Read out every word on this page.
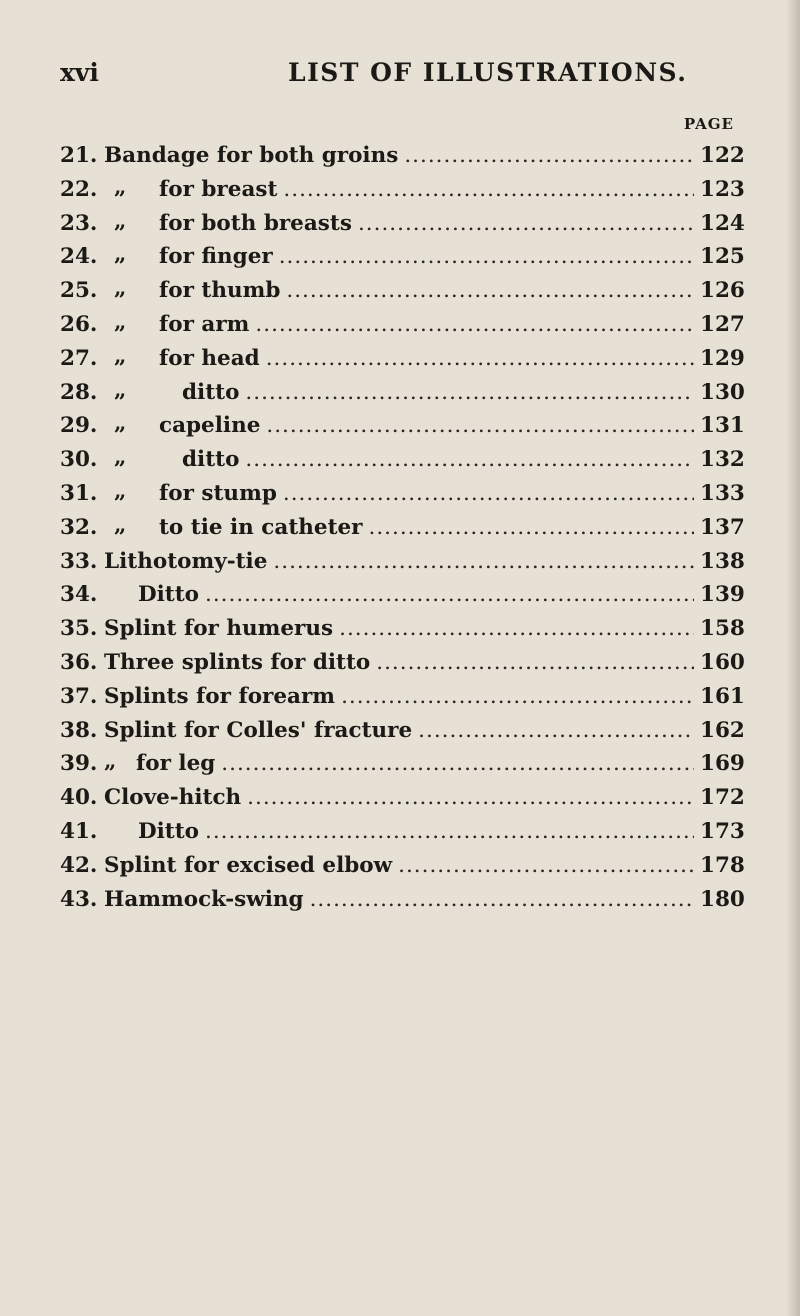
xvi	LIST OF ILLUSTRATIONS.
PAGE
21. Bandage for both groins .....	122
22. „ for breast .....	123
23. „ for both breasts .....	124
24. „ for finger .....	125
25. „ for thumb .....	126
26. „ for arm .....	127
27. „ for head .....	129
28. „	ditto .....	130
29. „ capeline .....	131
30. „	ditto .....	132
31. „ for stump .....	133
32. „ to tie in catheter .....	137
33. Lithotomy-tie .....	138
34.	Ditto .....	139
35. Splint for humerus .....	158
36. Three splints for ditto .....	160
37. Splints for forearm .....	161
38. Splint for Colles' fracture .....	162
39. „ for leg .....	169
40. Clove-hitch .....	172
41.	Ditto .....	173
42. Splint for excised elbow .....	178
43. Hammock-swing .....	180
